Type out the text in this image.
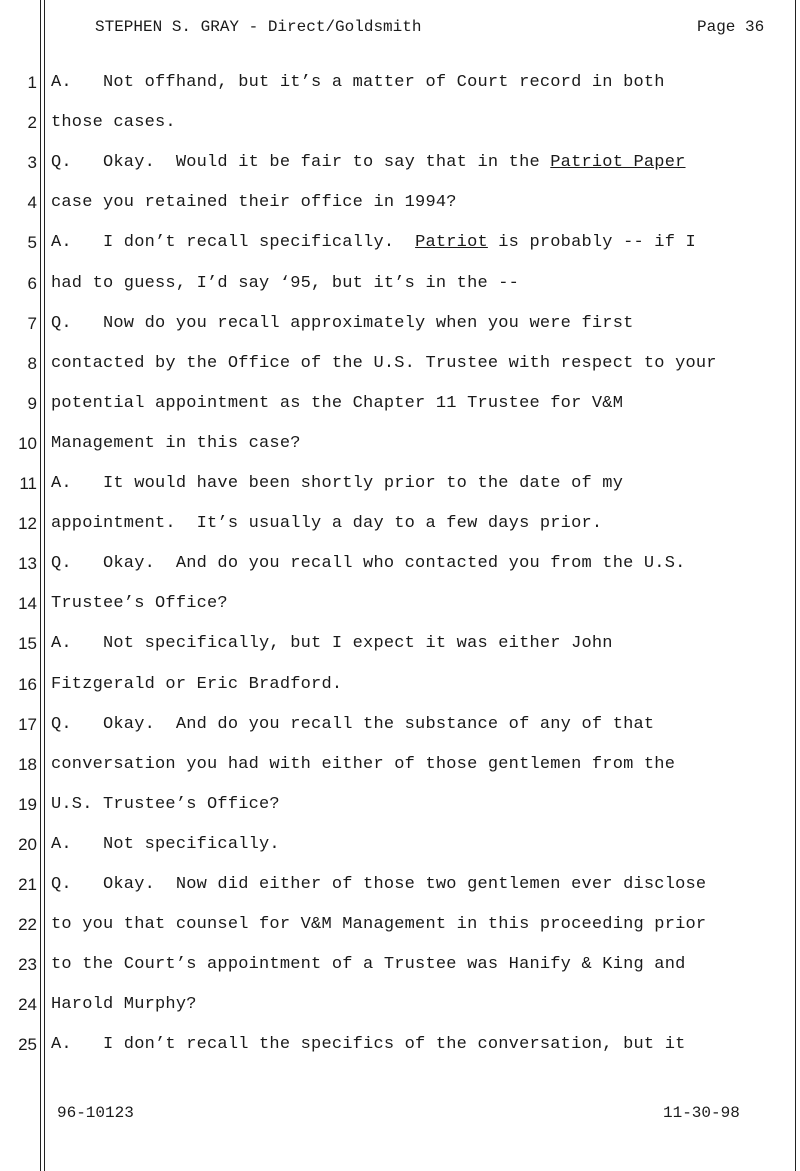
STEPHEN S. GRAY - Direct/Goldsmith	Page 36
1 A.   Not offhand, but it’s a matter of Court record in both
2 those cases.
3 Q.   Okay.  Would it be fair to say that in the Patriot Paper
4 case you retained their office in 1994?
5 A.   I don’t recall specifically.  Patriot is probably -- if I
6 had to guess, I’d say ‘95, but it’s in the --
7 Q.   Now do you recall approximately when you were first
8 contacted by the Office of the U.S. Trustee with respect to your
9 potential appointment as the Chapter 11 Trustee for V&M
10 Management in this case?
11 A.   It would have been shortly prior to the date of my
12 appointment.  It’s usually a day to a few days prior.
13 Q.   Okay.  And do you recall who contacted you from the U.S.
14 Trustee’s Office?
15 A.   Not specifically, but I expect it was either John
16 Fitzgerald or Eric Bradford.
17 Q.   Okay.  And do you recall the substance of any of that
18 conversation you had with either of those gentlemen from the
19 U.S. Trustee’s Office?
20 A.   Not specifically.
21 Q.   Okay.  Now did either of those two gentlemen ever disclose
22 to you that counsel for V&M Management in this proceeding prior
23 to the Court’s appointment of a Trustee was Hanify & King and
24 Harold Murphy?
25 A.   I don’t recall the specifics of the conversation, but it
96-10123	11-30-98
